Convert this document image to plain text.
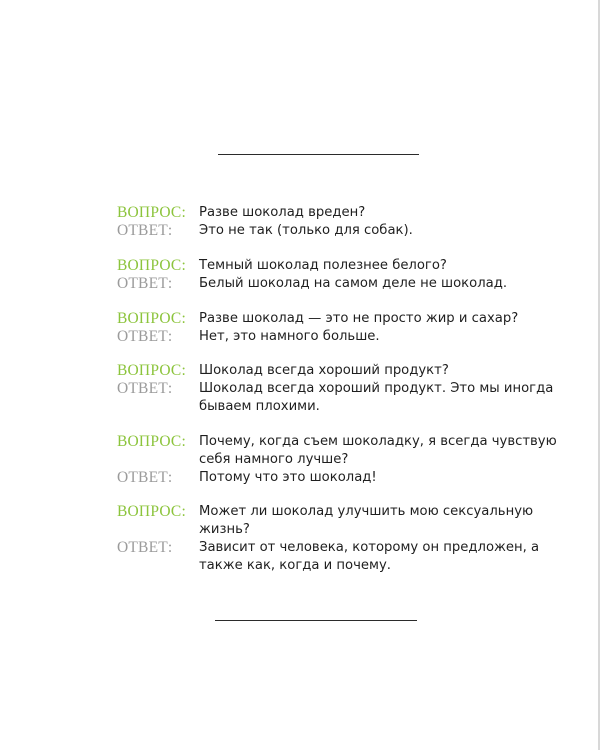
ВОПРОС: Разве шоколад вреден?
ОТВЕТ: Это не так (только для собак).
ВОПРОС: Темный шоколад полезнее белого?
ОТВЕТ: Белый шоколад на самом деле не шоколад.
ВОПРОС: Разве шоколад — это не просто жир и сахар?
ОТВЕТ: Нет, это намного больше.
ВОПРОС: Шоколад всегда хороший продукт?
ОТВЕТ: Шоколад всегда хороший продукт. Это мы иногда
бываем плохими.
ВОПРОС: Почему, когда съем шоколадку, я всегда чувствую
себя намного лучше?
ОТВЕТ: Потому что это шоколад!
ВОПРОС: Может ли шоколад улучшить мою сексуальную
жизнь?
ОТВЕТ: Зависит от человека, которому он предложен, а
также как, когда и почему.
